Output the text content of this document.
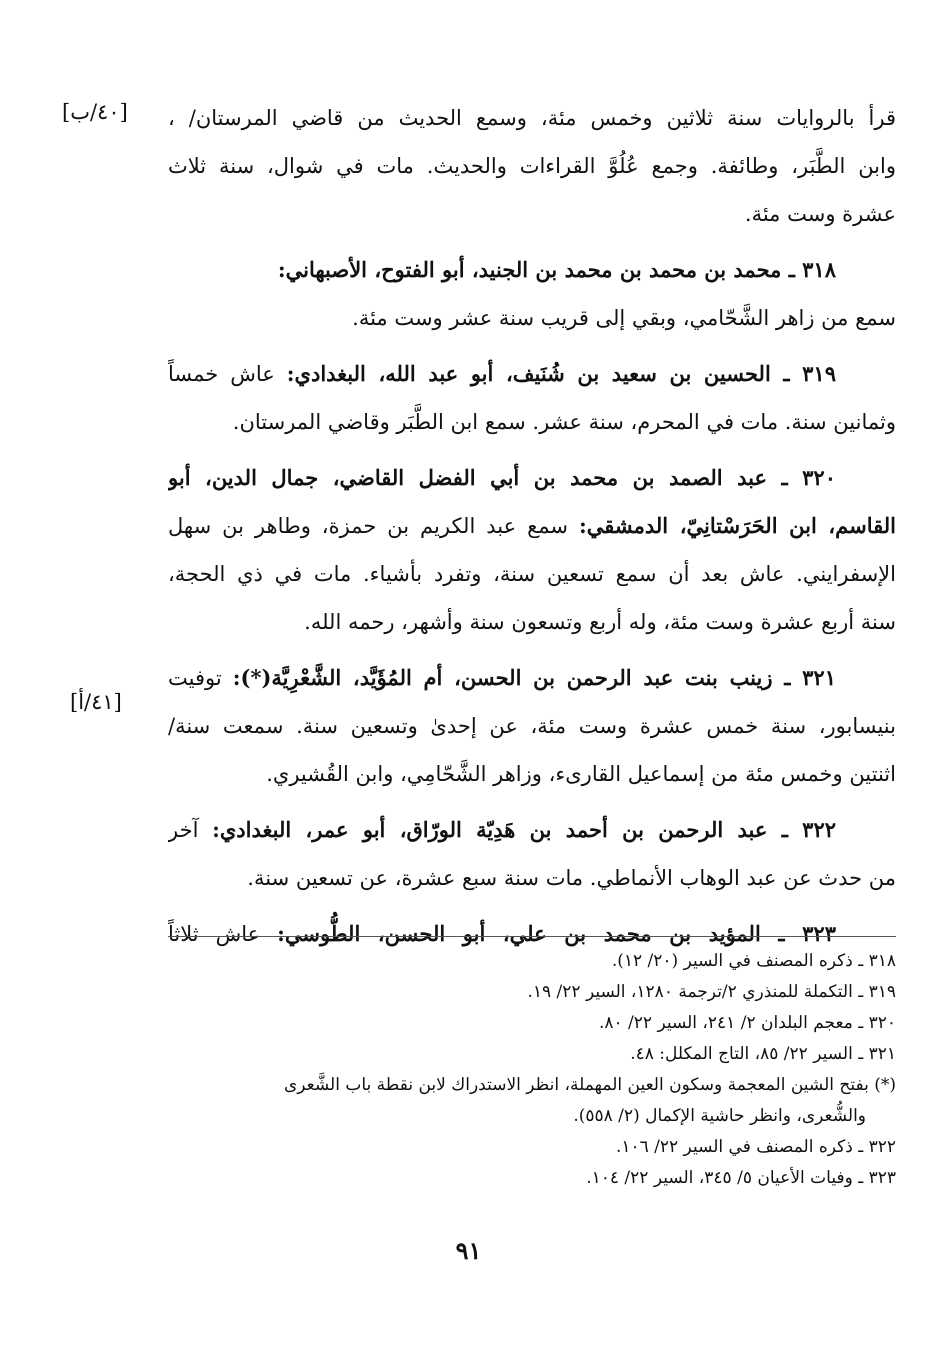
[٤٠/ب]
[٤١/أ]
قرأ بالروايات سنة ثلاثين وخمس مئة، وسمع الحديث من قاضي المرستان/ ،
وابن الطَّبَر، وطائفة. وجمع عُلُوَّ القراءات والحديث. مات في شوال، سنة ثلاث
عشرة وست مئة.
٣١٨ ـ محمد بن محمد بن محمد بن الجنيد، أبو الفتوح، الأصبهاني:
سمع من زاهر الشَّحّامي، وبقي إلى قريب سنة عشر وست مئة.
٣١٩ ـ الحسين بن سعيد بن شُنَيف، أبو عبد الله، البغدادي: عاش خمساً
وثمانين سنة. مات في المحرم، سنة عشر. سمع ابن الطَّبَر وقاضي المرستان.
٣٢٠ ـ عبد الصمد بن محمد بن أبي الفضل القاضي، جمال الدين، أبو
القاسم، ابن الحَرَسْتانِيّ، الدمشقي: سمع عبد الكريم بن حمزة، وطاهر بن سهل
الإسفرايني. عاش بعد أن سمع تسعين سنة، وتفرد بأشياء. مات في ذي الحجة،
سنة أربع عشرة وست مئة، وله أربع وتسعون سنة وأشهر، رحمه الله.
٣٢١ ـ زينب بنت عبد الرحمن بن الحسن، أم المُؤَيَّد، الشَّعْرِيَّة(*): توفيت
بنيسابور، سنة خمس عشرة وست مئة، عن إحدىٰ وتسعين سنة. سمعت سنة/
اثنتين وخمس مئة من إسماعيل القارىء، وزاهر الشَّحّامِي، وابن القُشيري.
٣٢٢ ـ عبد الرحمن بن أحمد بن هَدِيّة الورّاق، أبو عمر، البغدادي: آخر
من حدث عن عبد الوهاب الأنماطي. مات سنة سبع عشرة، عن تسعين سنة.
٣٢٣ ـ المؤيد بن محمد بن علي، أبو الحسن، الطُّوسي: عاش ثلاثاً
٣١٨ ـ ذكره المصنف في السير (٢٠/ ١٢).
٣١٩ ـ التكملة للمنذري ٢/ترجمة ١٢٨٠، السير ٢٢/ ١٩.
٣٢٠ ـ معجم البلدان ٢/ ٢٤١، السير ٢٢/ ٨٠.
٣٢١ ـ السير ٢٢/ ٨٥، التاج المكلل: ٤٨.
(*) بفتح الشين المعجمة وسكون العين المهملة، انظر الاستدراك لابن نقطة باب الشَّعرى
والشُّعرى، وانظر حاشية الإكمال (٢/ ٥٥٨).
٣٢٢ ـ ذكره المصنف في السير ٢٢/ ١٠٦.
٣٢٣ ـ وفيات الأعيان ٥/ ٣٤٥، السير ٢٢/ ١٠٤.
٩١
